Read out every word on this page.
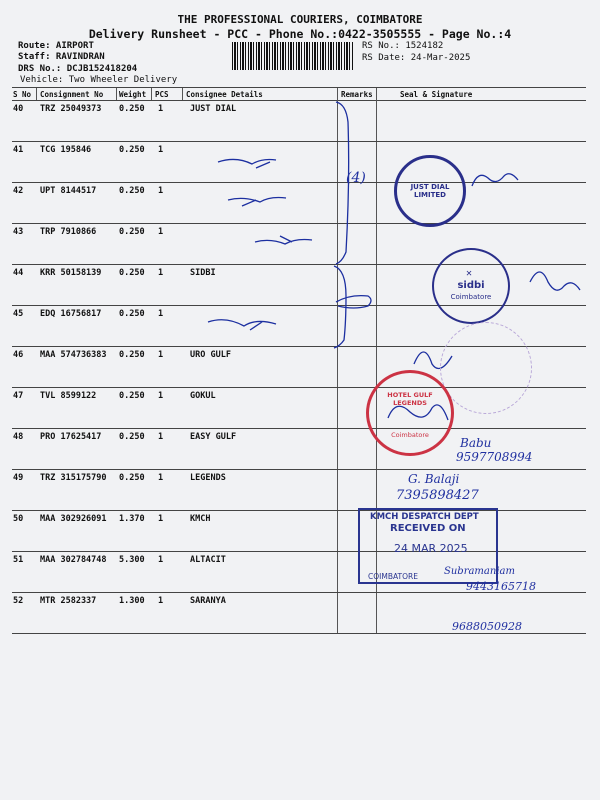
THE PROFESSIONAL COURIERS, COIMBATORE
Delivery Runsheet - PCC - Phone No.:0422-3505555 - Page No.:4
Route: AIRPORT
Staff: RAVINDRAN
DRS No.: DCJB152418204
Vehicle: Two Wheeler Delivery
RS No.: 1524182
RS Date: 24-Mar-2025
S No Consignment No Weight PCS Consignee Details	Remarks	Seal & Signature
40 TRZ 25049373 0.250 1	JUST DIAL
41 TCG 195846	0.250 1
42 UPT 8144517	0.250 1
43 TRP 7910866	0.250 1
44 KRR 50158139 0.250 1	SIDBI
45 EDQ 16756817 0.250 1
46 MAA 574736383 0.250 1	URO GULF
47 TVL 8599122	0.250 1	GOKUL
48 PRO 17625417 0.250 1	EASY GULF
49 TRZ 315175790 0.250 1	LEGENDS
50 MAA 302926091 1.370 1	KMCH
51 MAA 302784748 5.300 1	ALTACIT
52 MTR 2582337	1.300 1	SARANYA
(4)
JUST DIAL LIMITED
✕
sidbi
Coimbatore
HOTEL GULF LEGENDS
Coimbatore
Babu
9597708994
G. Balaji
7395898427
KMCH DESPATCH DEPT
RECEIVED ON
24 MAR 2025
COIMBATORE	Subramaniam
9443165718
9688050928
